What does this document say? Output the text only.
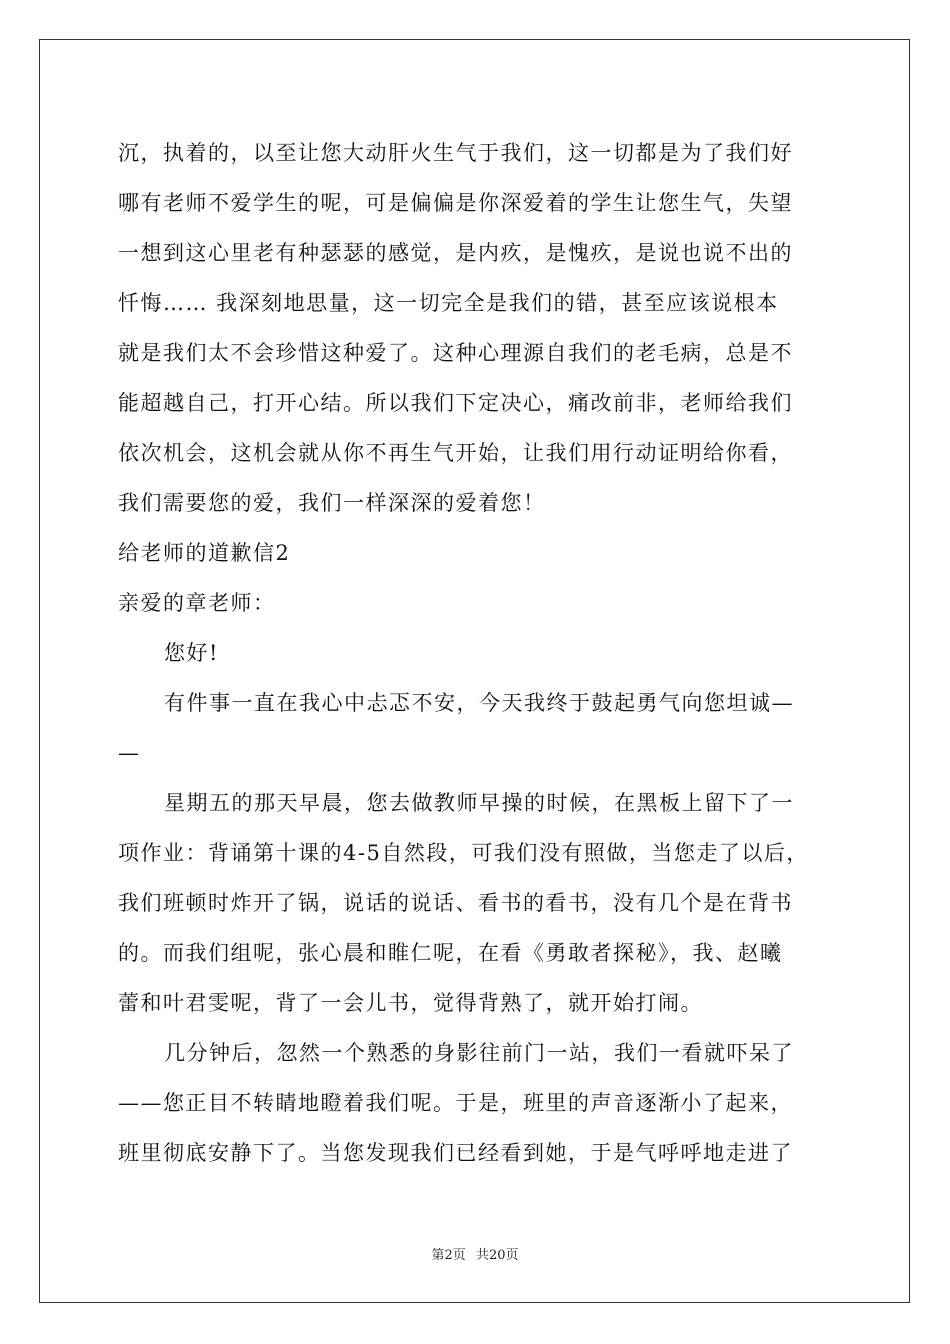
沉，执着的，以至让您大动肝火生气于我们，这一切都是为了我们好
哪有老师不爱学生的呢，可是偏偏是你深爱着的学生让您生气，失望
一想到这心里老有种瑟瑟的感觉，是内疚，是愧疚，是说也说不出的
忏悔…… 我深刻地思量，这一切完全是我们的错，甚至应该说根本
就是我们太不会珍惜这种爱了。这种心理源自我们的老毛病，总是不
能超越自己，打开心结。所以我们下定决心，痛改前非，老师给我们
依次机会，这机会就从你不再生气开始，让我们用行动证明给你看，
我们需要您的爱，我们一样深深的爱着您！
给老师的道歉信2
亲爱的章老师：
您好!
有件事一直在我心中忐忑不安，今天我终于鼓起勇气向您坦诚—
—
星期五的那天早晨，您去做教师早操的时候，在黑板上留下了一
项作业：背诵第十课的4-5自然段，可我们没有照做，当您走了以后，
我们班顿时炸开了锅，说话的说话、看书的看书，没有几个是在背书
的。而我们组呢，张心晨和睢仁呢，在看《勇敢者探秘》，我、赵曦
蕾和叶君雯呢，背了一会儿书，觉得背熟了，就开始打闹。
几分钟后，忽然一个熟悉的身影往前门一站，我们一看就吓呆了
——您正目不转睛地瞪着我们呢。于是，班里的声音逐渐小了起来，
班里彻底安静下了。当您发现我们已经看到她，于是气呼呼地走进了
第2页 共20页
